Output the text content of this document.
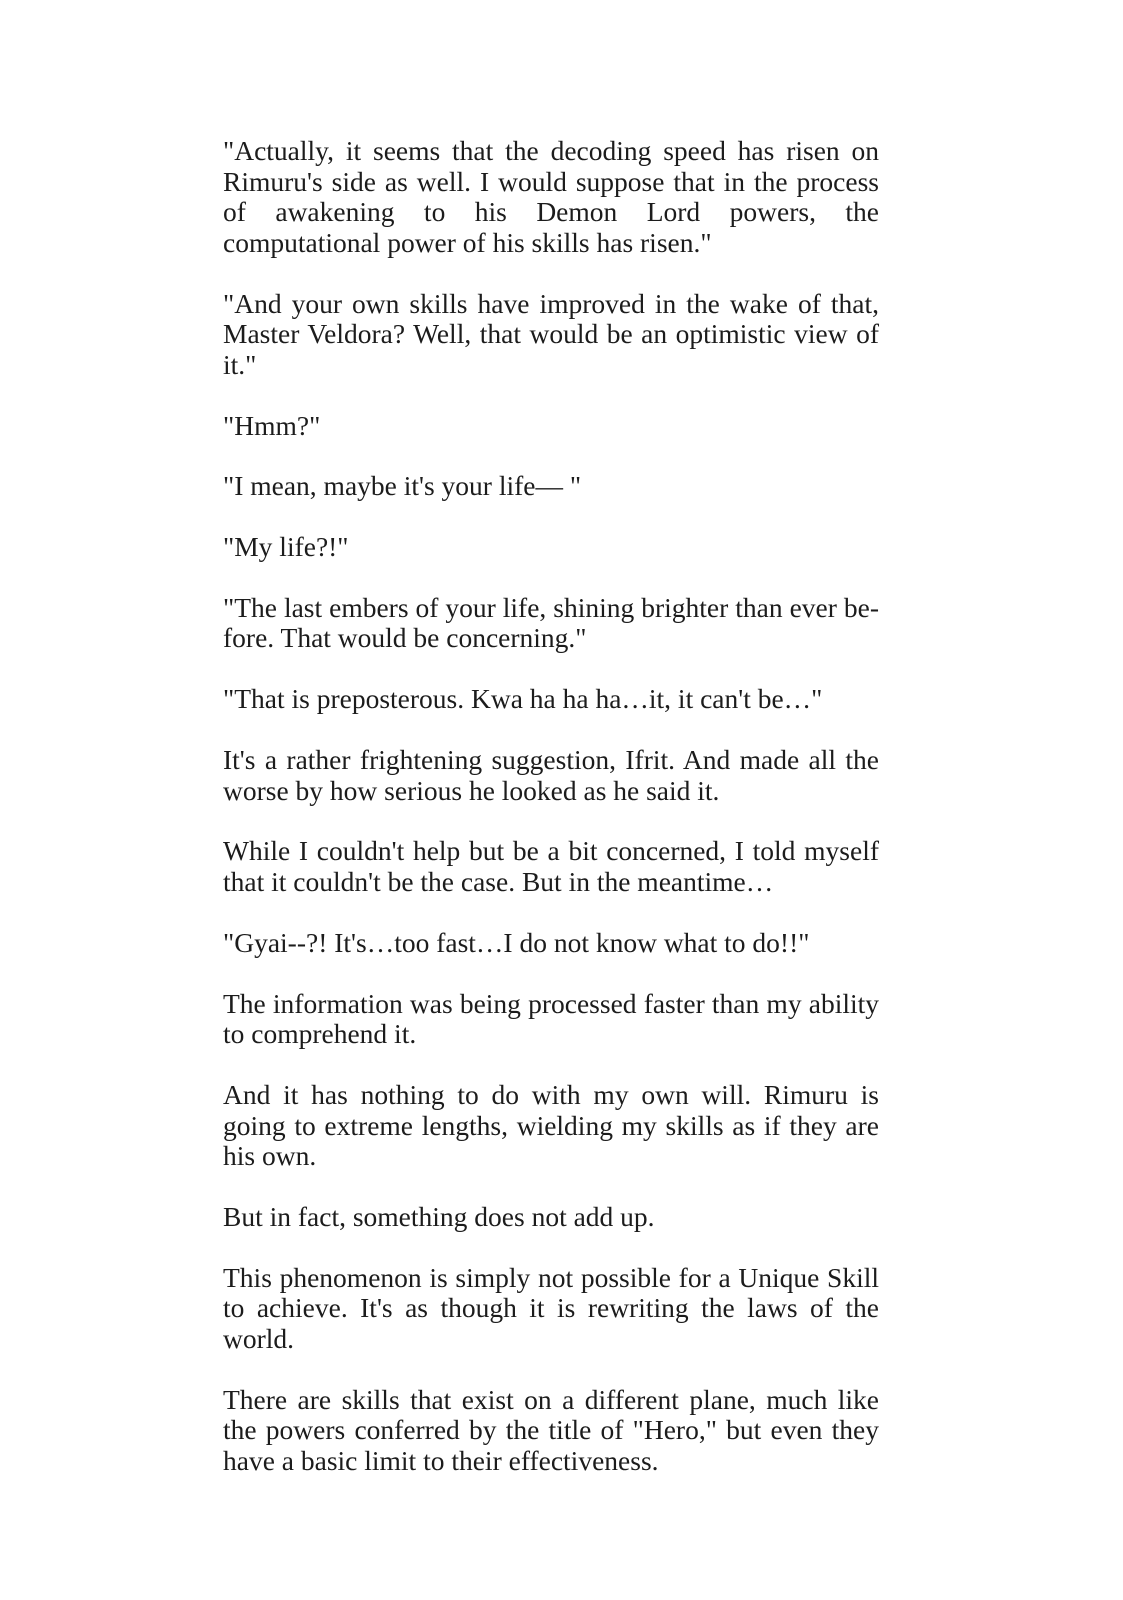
"Actually, it seems that the decoding speed has risen on Rimuru's side as well. I would suppose that in the process of awakening to his Demon Lord powers, the computational power of his skills has risen."

"And your own skills have improved in the wake of that, Master Veldora? Well, that would be an optimistic view of it."

"Hmm?"

"I mean, maybe it's your life— "

"My life?!"

"The last embers of your life, shining brighter than ever before. That would be concerning."

"That is preposterous. Kwa ha ha ha…it, it can't be…"

It's a rather frightening suggestion, Ifrit. And made all the worse by how serious he looked as he said it.

While I couldn't help but be a bit concerned, I told myself that it couldn't be the case. But in the meantime…

"Gyai--?! It's…too fast…I do not know what to do!!"

The information was being processed faster than my ability to comprehend it.

And it has nothing to do with my own will. Rimuru is going to extreme lengths, wielding my skills as if they are his own.

But in fact, something does not add up.

This phenomenon is simply not possible for a Unique Skill to achieve. It's as though it is rewriting the laws of the world.

There are skills that exist on a different plane, much like the powers conferred by the title of "Hero," but even they have a basic limit to their effectiveness.
